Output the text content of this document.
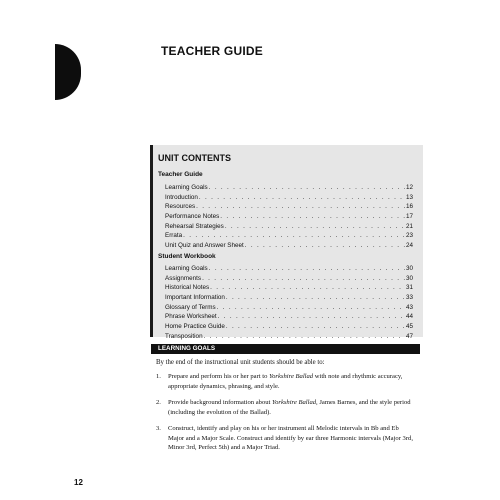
TEACHER GUIDE
UNIT CONTENTS
Teacher Guide
Learning Goals . . .	12
Introduction . . .	13
Resources . . .	16
Performance Notes . . .	17
Rehearsal Strategies . . .	21
Errata . . .	23
Unit Quiz and Answer Sheet . . .	24
Student Workbook
Learning Goals . . .	30
Assignments . . .	30
Historical Notes . . .	31
Important Information . . .	33
Glossary of Terms . . .	43
Phrase Worksheet . . .	44
Home Practice Guide . . .	45
Transposition . . .	47
LEARNING GOALS
By the end of the instructional unit students should be able to:
1.	Prepare and perform his or her part to Yorkshire Ballad with note and rhythmic accuracy, appropriate dynamics, phrasing, and style.
2.	Provide background information about Yorkshire Ballad, James Barnes, and the style period (including the evolution of the Ballad).
3.	Construct, identify and play on his or her instrument all Melodic intervals in Bb and Eb Major and a Major Scale. Construct and identify by ear three Harmonic intervals (Major 3rd, Minor 3rd, Perfect 5th) and a Major Triad.
12
